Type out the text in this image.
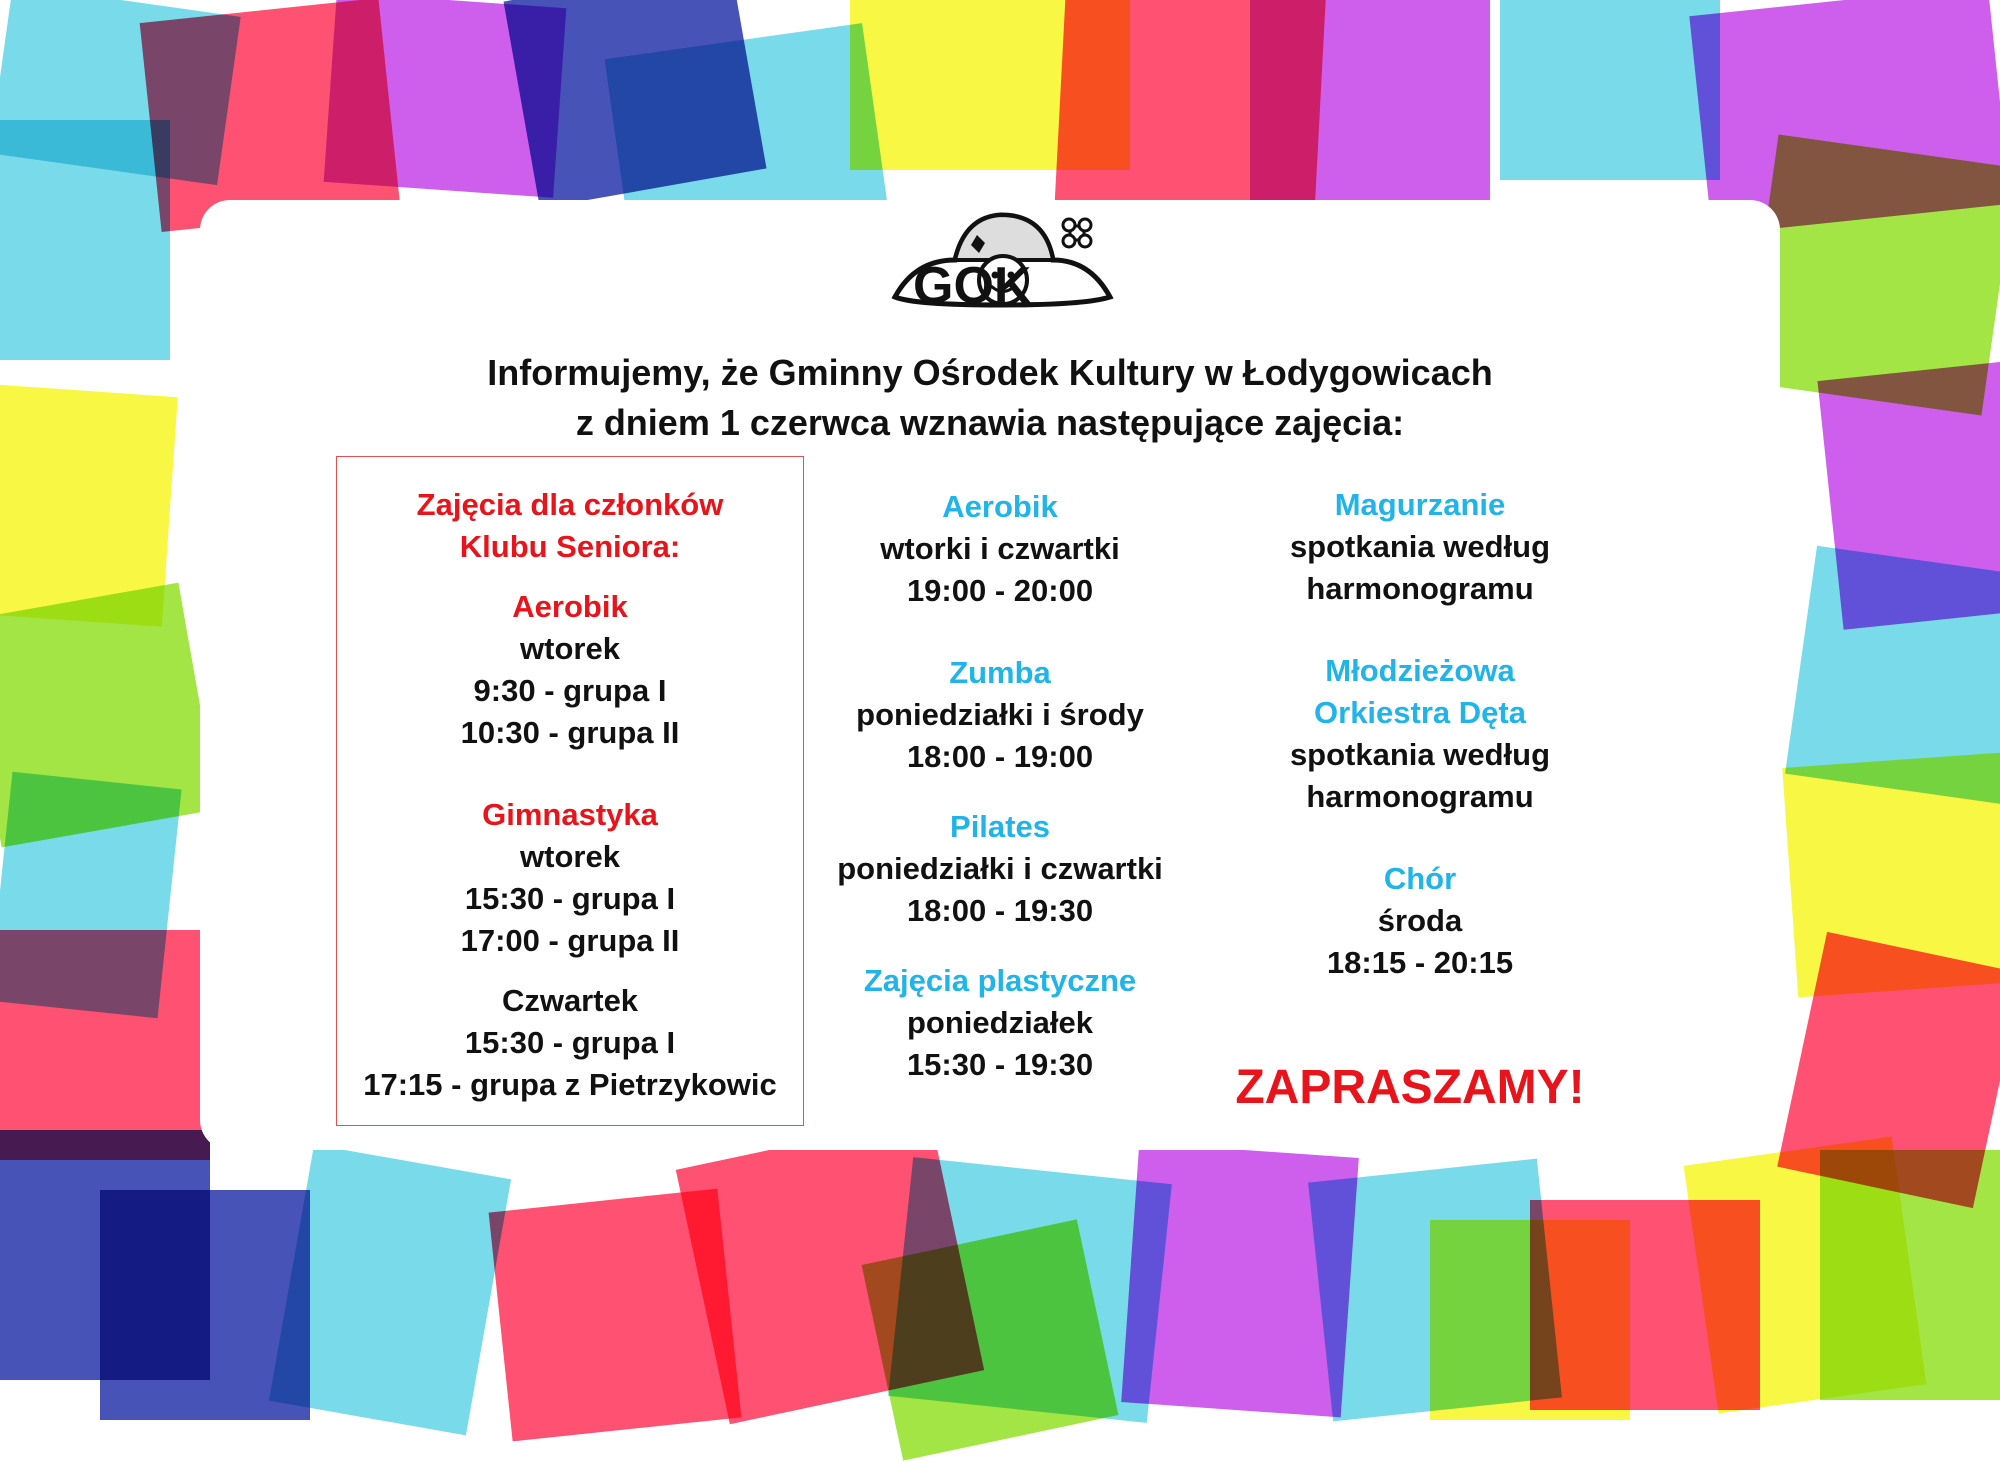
GOK
Informujemy, że Gminny Ośrodek Kultury w Łodygowicach
z dniem 1 czerwca wznawia następujące zajęcia:
Zajęcia dla członków
Klubu Seniora:
Aerobik
wtorek
9:30 - grupa I
10:30 - grupa II
Gimnastyka
wtorek
15:30 - grupa I
17:00 - grupa II
Czwartek
15:30 - grupa I
17:15 - grupa z Pietrzykowic
Aerobik
wtorki i czwartki
19:00 - 20:00
Zumba
poniedziałki i środy
18:00 - 19:00
Pilates
poniedziałki i czwartki
18:00 - 19:30
Zajęcia plastyczne
poniedziałek
15:30 - 19:30
Magurzanie
spotkania według
harmonogramu
Młodzieżowa
Orkiestra Dęta
spotkania według
harmonogramu
Chór
środa
18:15 - 20:15
ZAPRASZAMY!
